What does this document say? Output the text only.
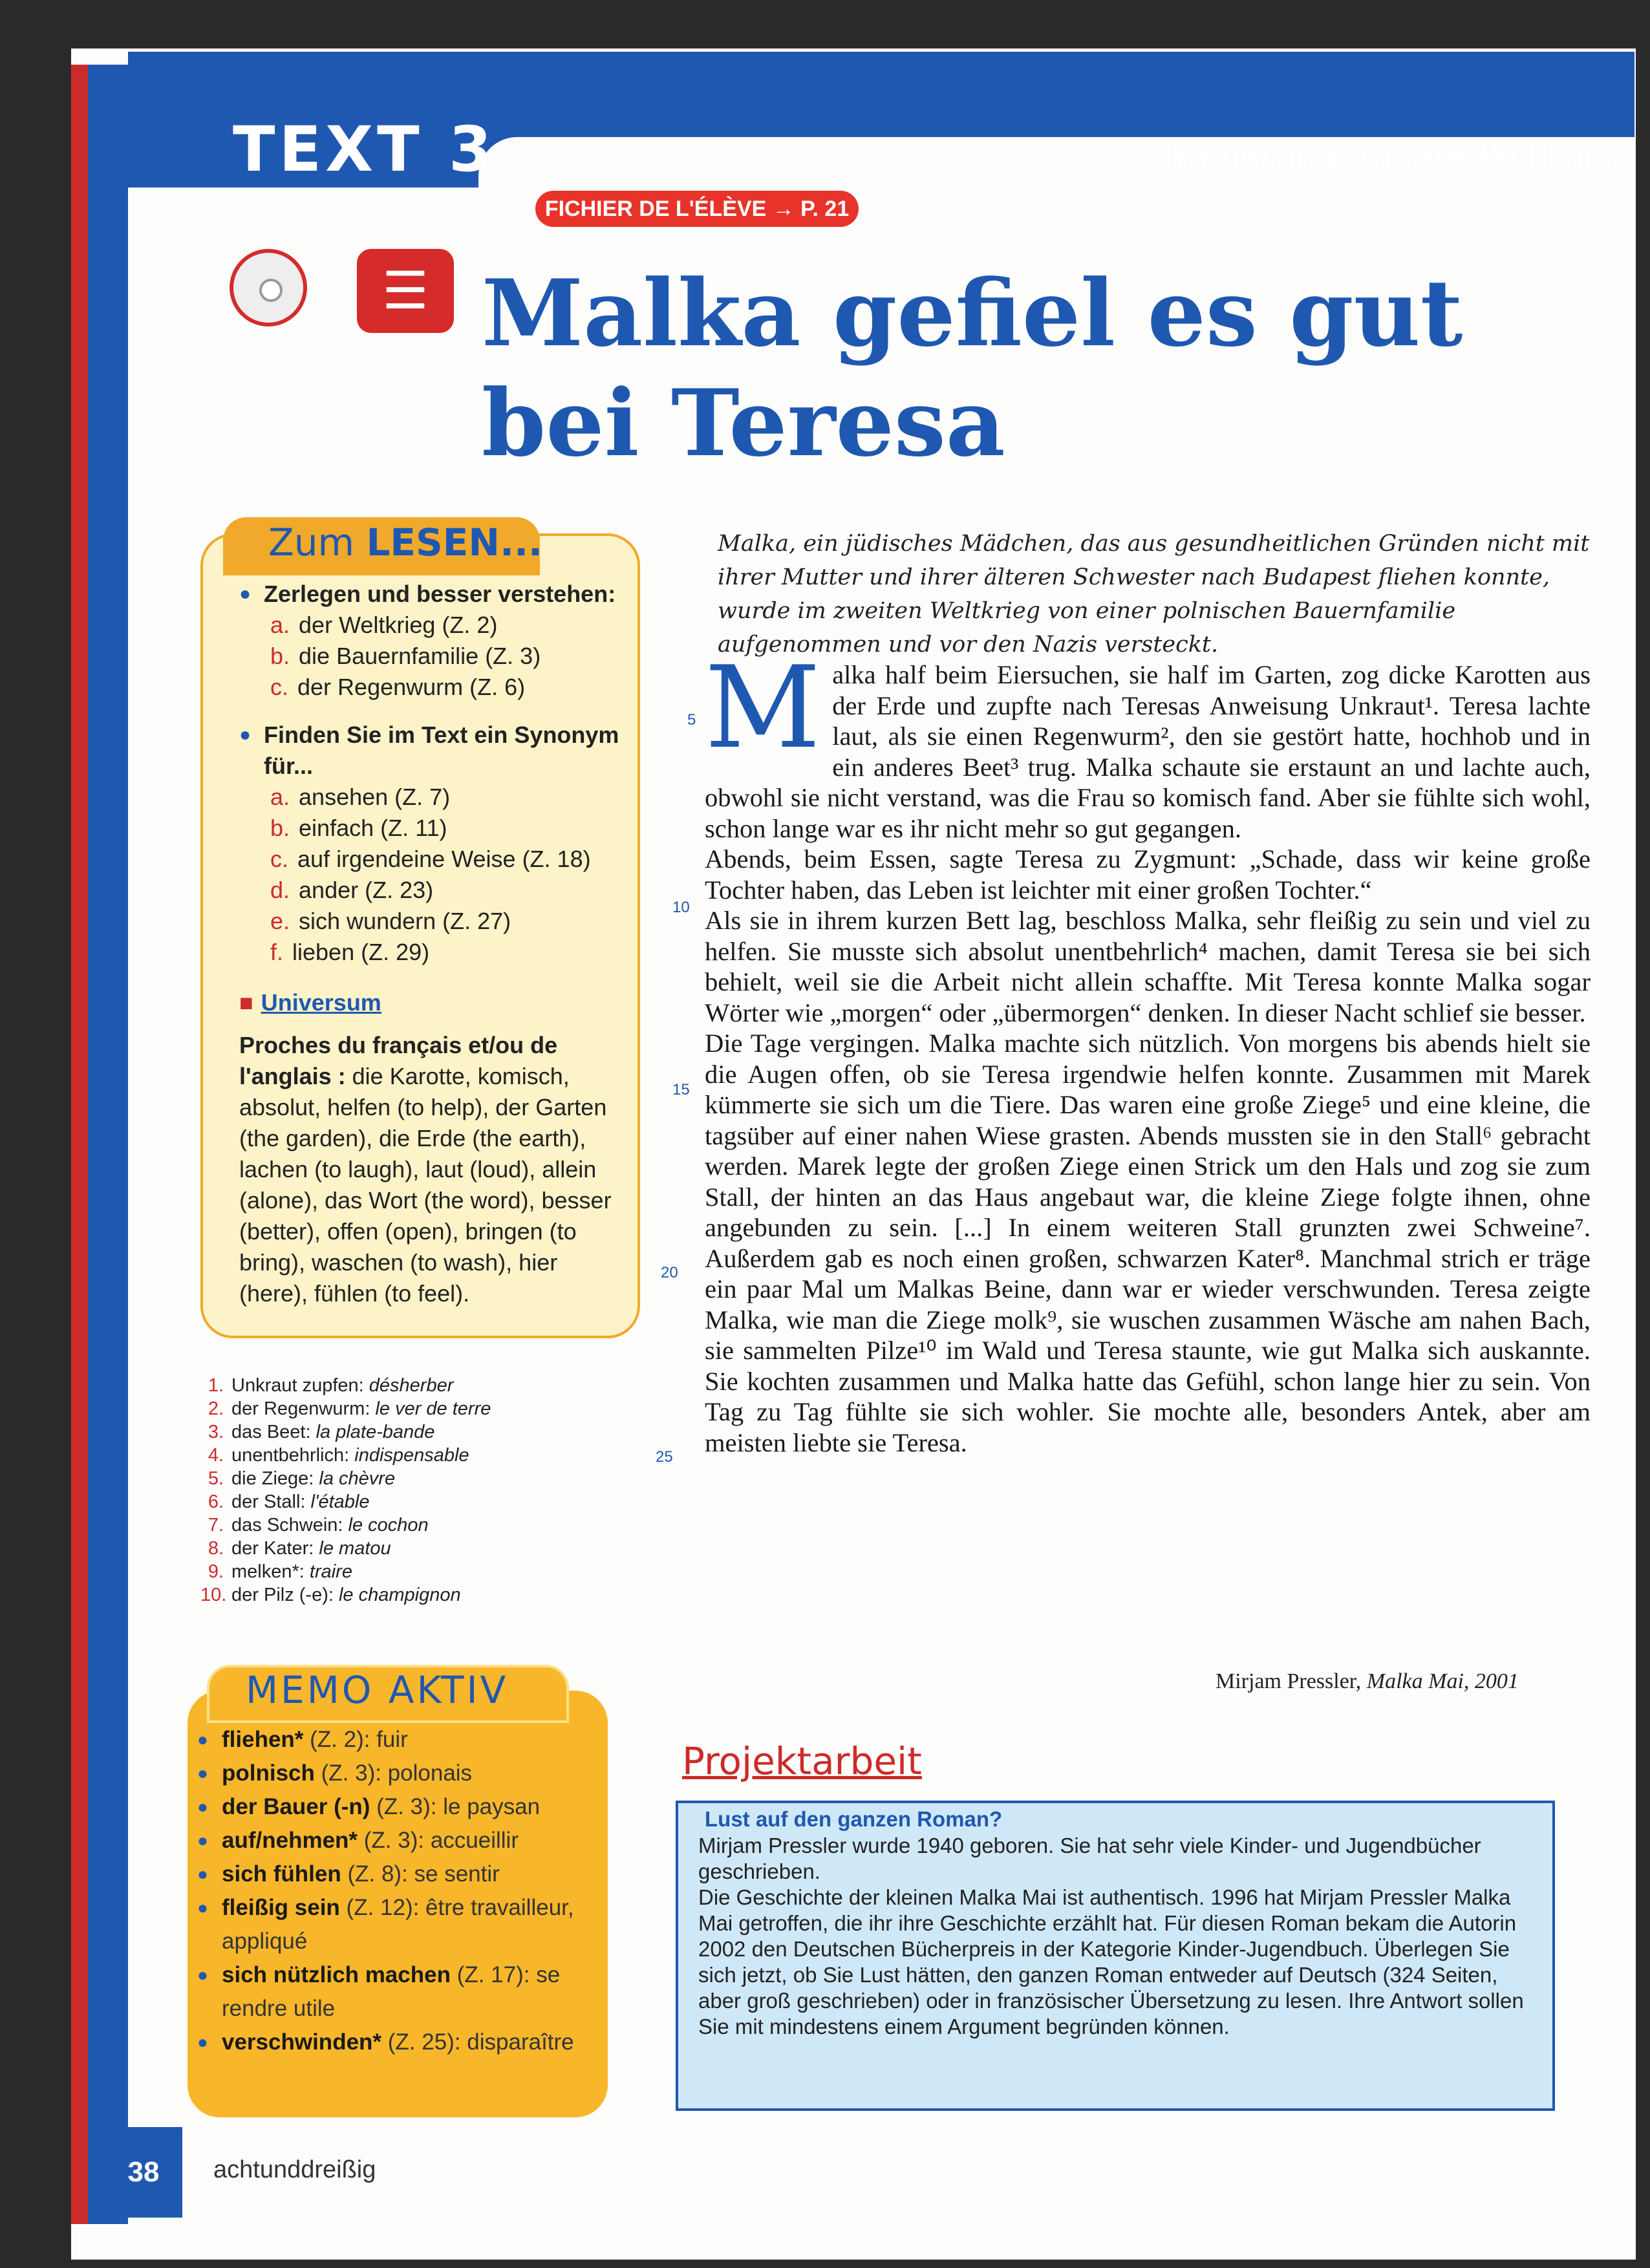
TEXT 3	Erinnerung und Gedächtnis
FICHIER DE L'ÉLÈVE → P. 21
☰ Malka gefiel es gut
bei Teresa
Zum LESEN...
● Zerlegen und besser verstehen:
a. der Weltkrieg (Z. 2)
b. die Bauernfamilie (Z. 3)
c. der Regenwurm (Z. 6)
● Finden Sie im Text ein Synonym für...
a. ansehen (Z. 7)
b. einfach (Z. 11)
c. auf irgendeine Weise (Z. 18)
d. ander (Z. 23)
e. sich wundern (Z. 27)
f. lieben (Z. 29)
■ Universum
Proches du français et/ou de l'anglais : die Karotte, komisch, absolut, helfen (to help), der Garten (the garden), die Erde (the earth), lachen (to laugh), laut (loud), allein (alone), das Wort (the word), besser (better), offen (open), bringen (to bring), waschen (to wash), hier (here), fühlen (to feel).
1. Unkraut zupfen: désherber
2. der Regenwurm: le ver de terre
3. das Beet: la plate-bande
4. unentbehrlich: indispensable
5. die Ziege: la chèvre
6. der Stall: l'étable
7. das Schwein: le cochon
8. der Kater: le matou
9. melken*: traire
10. der Pilz (-e): le champignon
MEMO AKTIV
● fliehen* (Z. 2): fuir
● polnisch (Z. 3): polonais
● der Bauer (-n) (Z. 3): le paysan
● auf/nehmen* (Z. 3): accueillir
● sich fühlen (Z. 8): se sentir
● fleißig sein (Z. 12): être travailleur, appliqué
● sich nützlich machen (Z. 17): se rendre utile
● verschwinden* (Z. 25): disparaître
Malka, ein jüdisches Mädchen, das aus gesundheitlichen Gründen nicht mit ihrer Mutter und ihrer älteren Schwester nach Budapest fliehen konnte, wurde im zweiten Weltkrieg von einer polnischen Bauernfamilie aufgenommen und vor den Nazis versteckt.
5
10
15
20
25

Malka half beim Eiersuchen, sie half im Garten, zog dicke Karotten aus der Erde und zupfte nach Teresas Anweisung Unkraut¹. Teresa lachte laut, als sie einen Regenwurm², den sie gestört hatte, hochhob und in ein anderes Beet³ trug. Malka schaute sie erstaunt an und lachte auch, obwohl sie nicht verstand, was die Frau so komisch fand. Aber sie fühlte sich wohl, schon lange war es ihr nicht mehr so gut gegangen.

Abends, beim Essen, sagte Teresa zu Zygmunt: „Schade, dass wir keine große Tochter haben, das Leben ist leichter mit einer großen Tochter.“

Als sie in ihrem kurzen Bett lag, beschloss Malka, sehr fleißig zu sein und viel zu helfen. Sie musste sich absolut unentbehrlich⁴ machen, damit Teresa sie bei sich behielt, weil sie die Arbeit nicht allein schaffte. Mit Teresa konnte Malka sogar Wörter wie „morgen“ oder „übermorgen“ denken. In dieser Nacht schlief sie besser.

Die Tage vergingen. Malka machte sich nützlich. Von morgens bis abends hielt sie die Augen offen, ob sie Teresa irgendwie helfen konnte. Zusammen mit Marek kümmerte sie sich um die Tiere. Das waren eine große Ziege⁵ und eine kleine, die tagsüber auf einer nahen Wiese grasten. Abends mussten sie in den Stall⁶ gebracht werden. Marek legte der großen Ziege einen Strick um den Hals und zog sie zum Stall, der hinten an das Haus angebaut war, die kleine Ziege folgte ihnen, ohne angebunden zu sein. [...] In einem weiteren Stall grunzten zwei Schweine⁷. Außerdem gab es noch einen großen, schwarzen Kater⁸. Manchmal strich er träge ein paar Mal um Malkas Beine, dann war er wieder verschwunden. Teresa zeigte Malka, wie man die Ziege molk⁹, sie wuschen zusammen Wäsche am nahen Bach, sie sammelten Pilze¹⁰ im Wald und Teresa staunte, wie gut Malka sich auskannte. Sie kochten zusammen und Malka hatte das Gefühl, schon lange hier zu sein. Von Tag zu Tag fühlte sie sich wohler. Sie mochte alle, besonders Antek, aber am meisten liebte sie Teresa.

Mirjam Pressler, Malka Mai, 2001
Projektarbeit
Lust auf den ganzen Roman?
Mirjam Pressler wurde 1940 geboren. Sie hat sehr viele Kinder- und Jugendbücher geschrieben.
Die Geschichte der kleinen Malka Mai ist authentisch. 1996 hat Mirjam Pressler Malka Mai getroffen, die ihr ihre Geschichte erzählt hat. Für diesen Roman bekam die Autorin 2002 den Deutschen Bücherpreis in der Kategorie Kinder-Jugendbuch. Überlegen Sie sich jetzt, ob Sie Lust hätten, den ganzen Roman entweder auf Deutsch (324 Seiten, aber groß geschrieben) oder in französischer Übersetzung zu lesen. Ihre Antwort sollen Sie mit mindestens einem Argument begründen können.
38	achtunddreißig
